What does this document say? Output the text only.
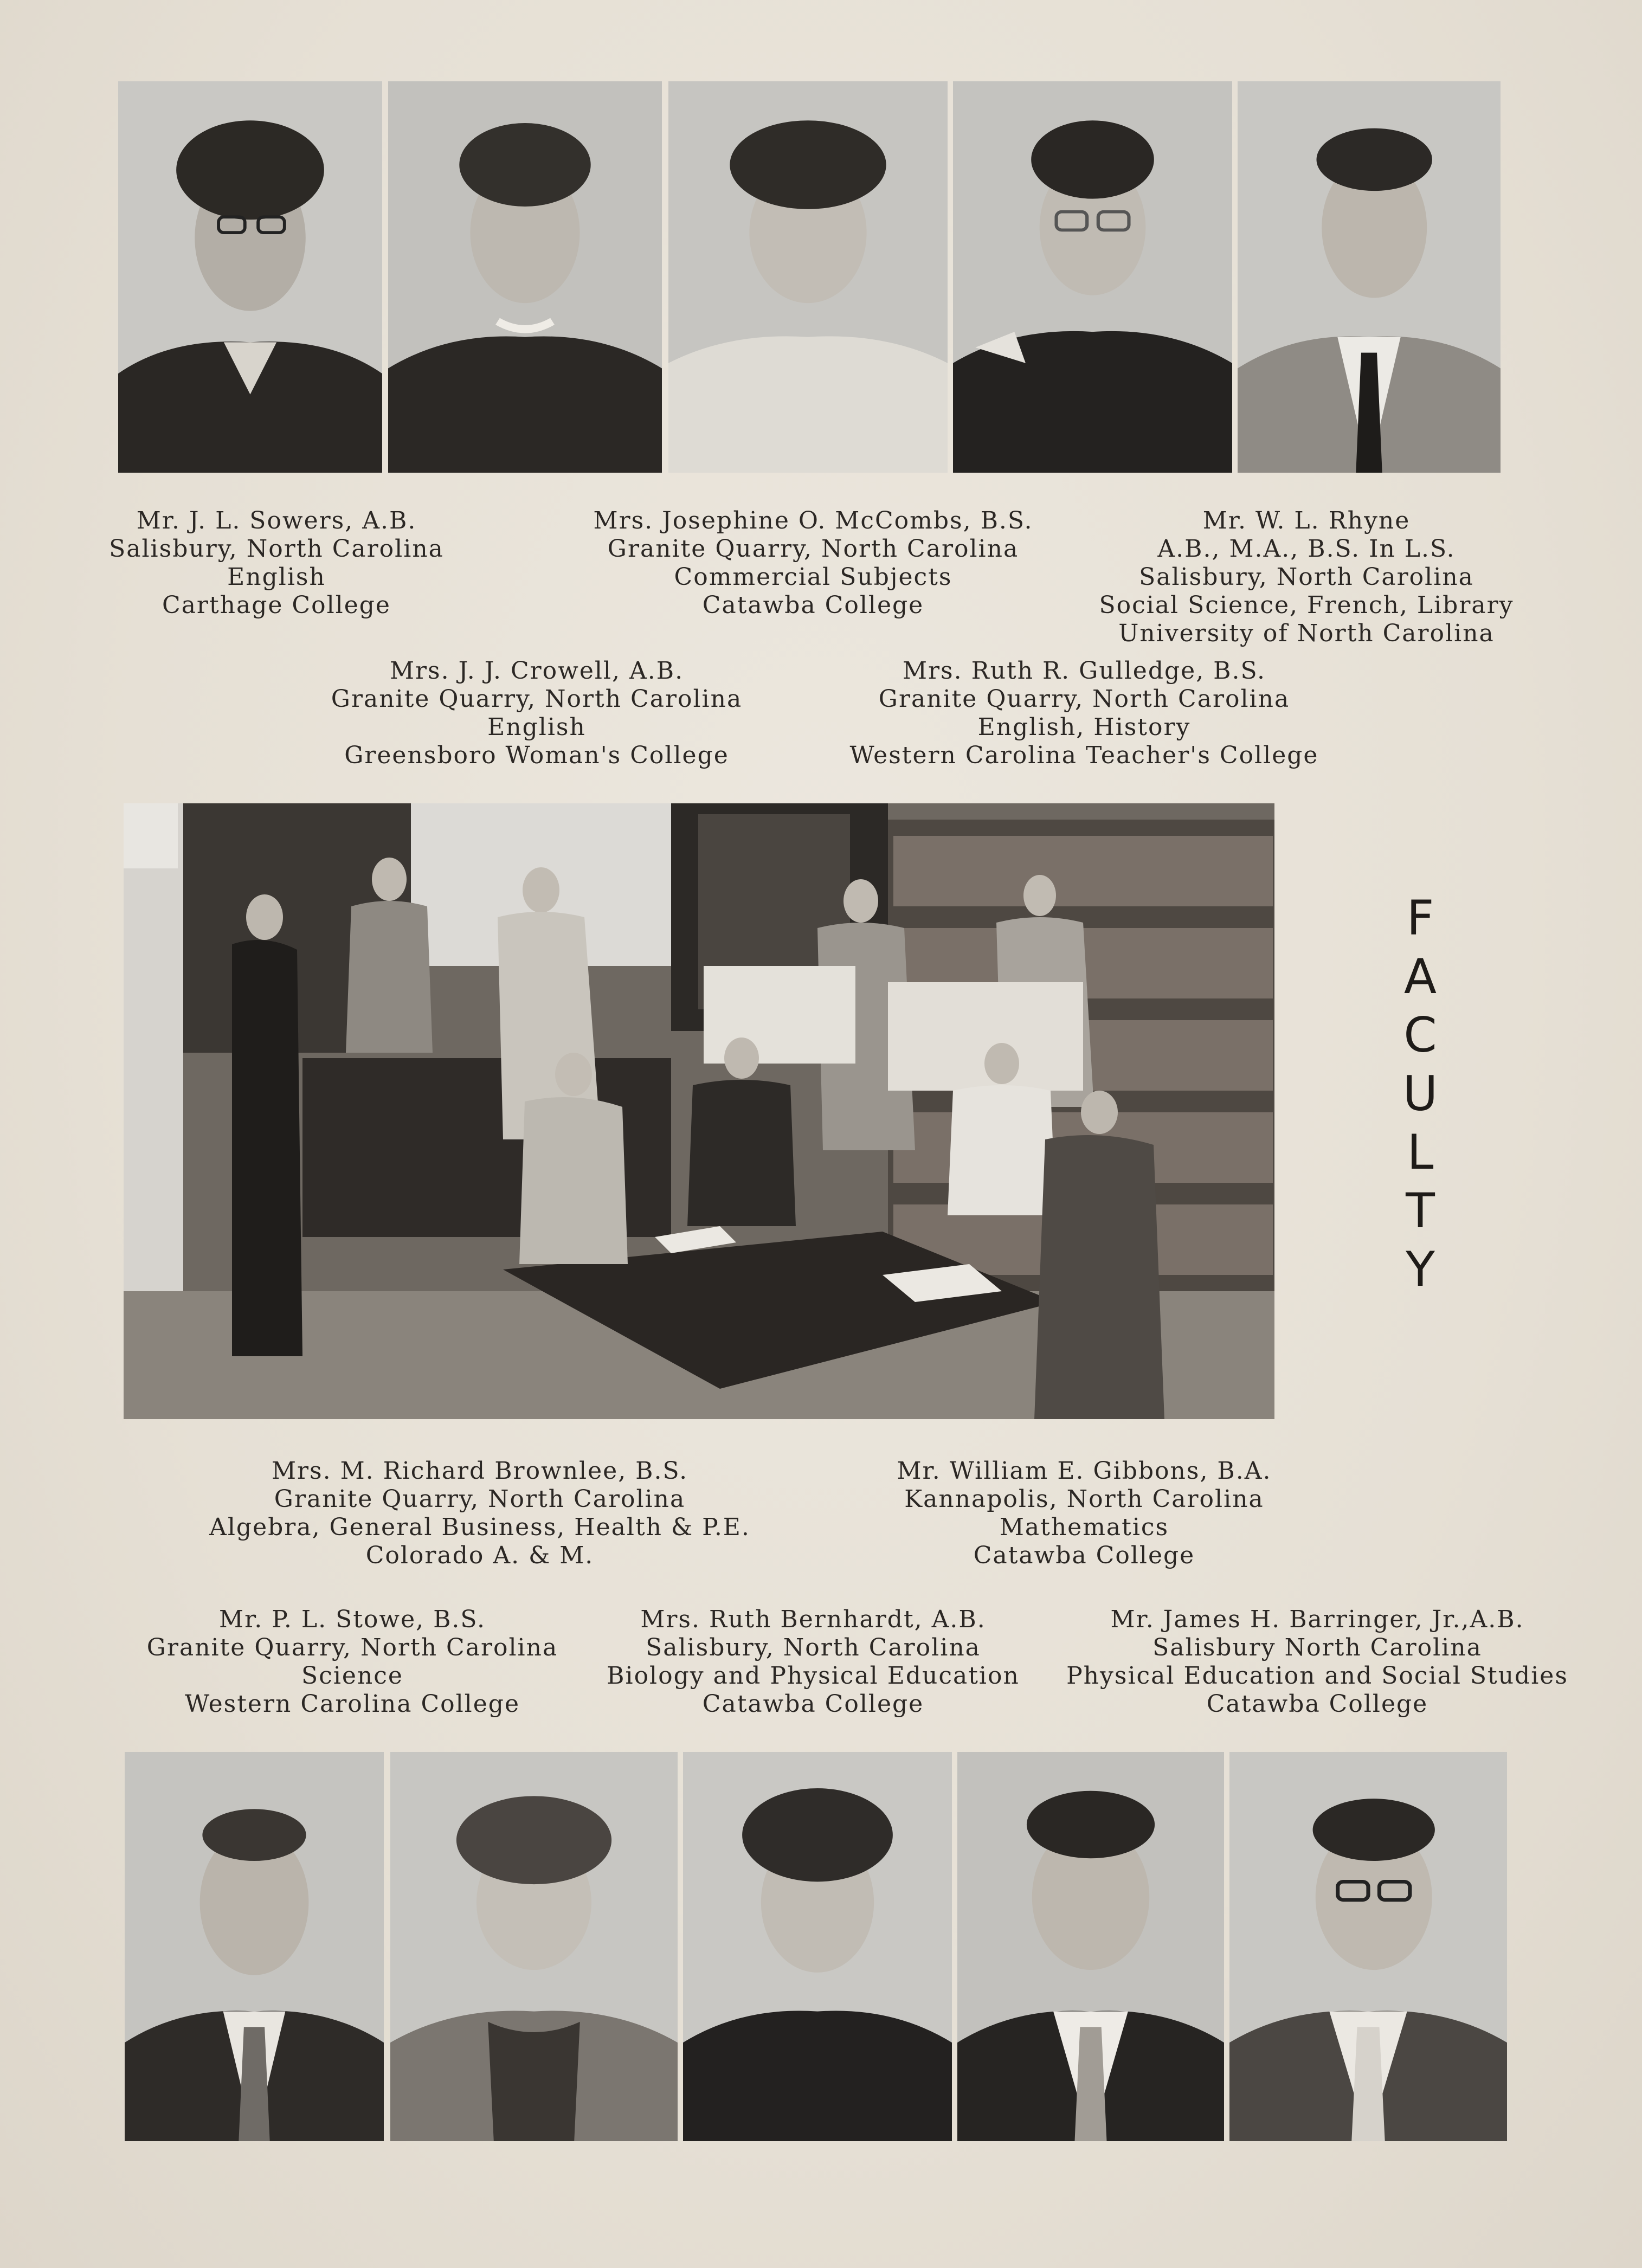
Mr. J. L. Sowers, A.B.
Salisbury, North Carolina
English
Carthage College
Mrs. Josephine O. McCombs, B.S.
Granite Quarry, North Carolina
Commercial Subjects
Catawba College
Mr. W. L. Rhyne
A.B., M.A., B.S. In L.S.
Salisbury, North Carolina
Social Science, French, Library
University of North Carolina
Mrs. J. J. Crowell, A.B.
Granite Quarry, North Carolina
English
Greensboro Woman's College
Mrs. Ruth R. Gulledge, B.S.
Granite Quarry, North Carolina
English, History
Western Carolina Teacher's College
F
A
C
U
L
T
Y
Mrs. M. Richard Brownlee, B.S.
Granite Quarry, North Carolina
Algebra, General Business, Health & P.E.
Colorado A. & M.
Mr. William E. Gibbons, B.A.
Kannapolis, North Carolina
Mathematics
Catawba College
Mr. P. L. Stowe, B.S.
Granite Quarry, North Carolina
Science
Western Carolina College
Mrs. Ruth Bernhardt, A.B.
Salisbury, North Carolina
Biology and Physical Education
Catawba College
Mr. James H. Barringer, Jr.,A.B.
Salisbury North Carolina
Physical Education and Social Studies
Catawba College
